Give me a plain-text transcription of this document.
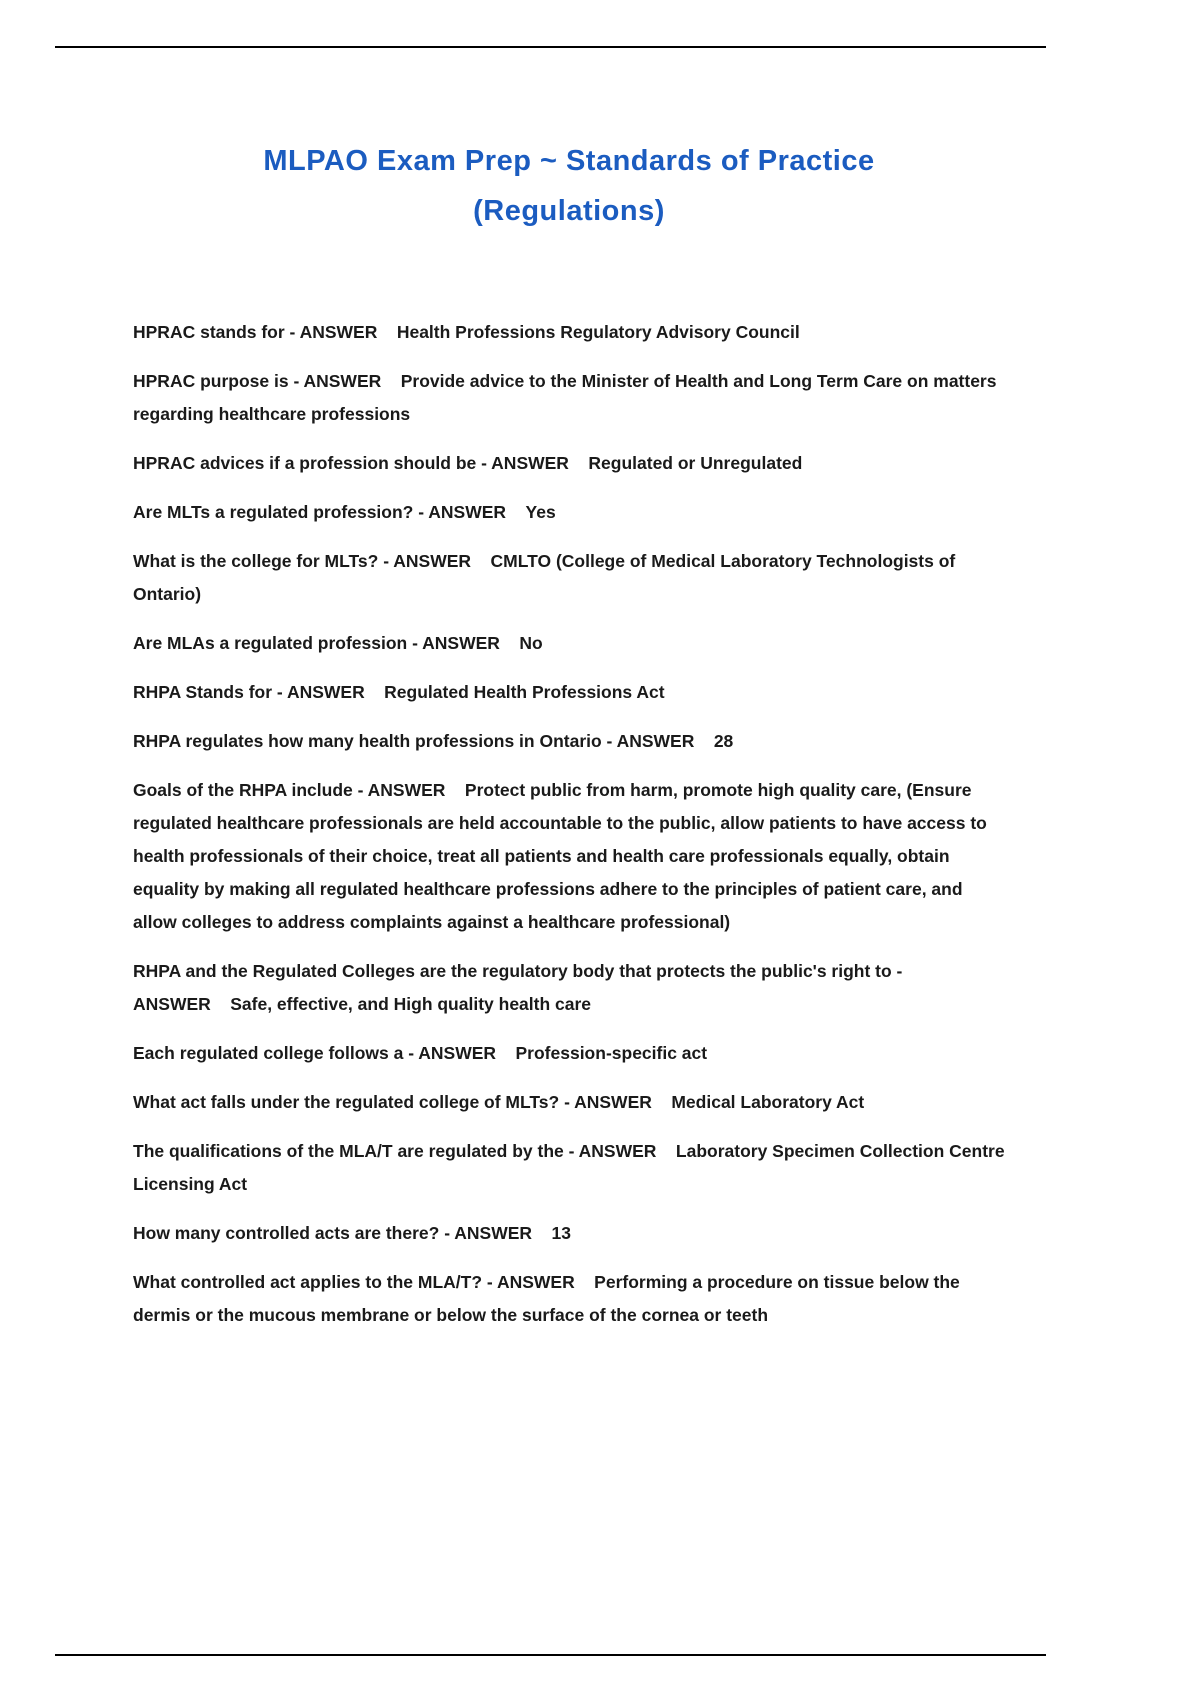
MLPAO Exam Prep ~ Standards of Practice
(Regulations)

HPRAC stands for - ANSWER Health Professions Regulatory Advisory Council

HPRAC purpose is - ANSWER Provide advice to the Minister of Health and Long Term Care on matters regarding healthcare professions

HPRAC advices if a profession should be - ANSWER Regulated or Unregulated

Are MLTs a regulated profession? - ANSWER Yes

What is the college for MLTs? - ANSWER CMLTO (College of Medical Laboratory Technologists of Ontario)

Are MLAs a regulated profession - ANSWER No

RHPA Stands for - ANSWER Regulated Health Professions Act

RHPA regulates how many health professions in Ontario - ANSWER 28

Goals of the RHPA include - ANSWER Protect public from harm, promote high quality care, (Ensure regulated healthcare professionals are held accountable to the public, allow patients to have access to health professionals of their choice, treat all patients and health care professionals equally, obtain equality by making all regulated healthcare professions adhere to the principles of patient care, and allow colleges to address complaints against a healthcare professional)

RHPA and the Regulated Colleges are the regulatory body that protects the public's right to - ANSWER Safe, effective, and High quality health care

Each regulated college follows a - ANSWER Profession-specific act

What act falls under the regulated college of MLTs? - ANSWER Medical Laboratory Act

The qualifications of the MLA/T are regulated by the - ANSWER Laboratory Specimen Collection Centre Licensing Act

How many controlled acts are there? - ANSWER 13

What controlled act applies to the MLA/T? - ANSWER Performing a procedure on tissue below the dermis or the mucous membrane or below the surface of the cornea or teeth
